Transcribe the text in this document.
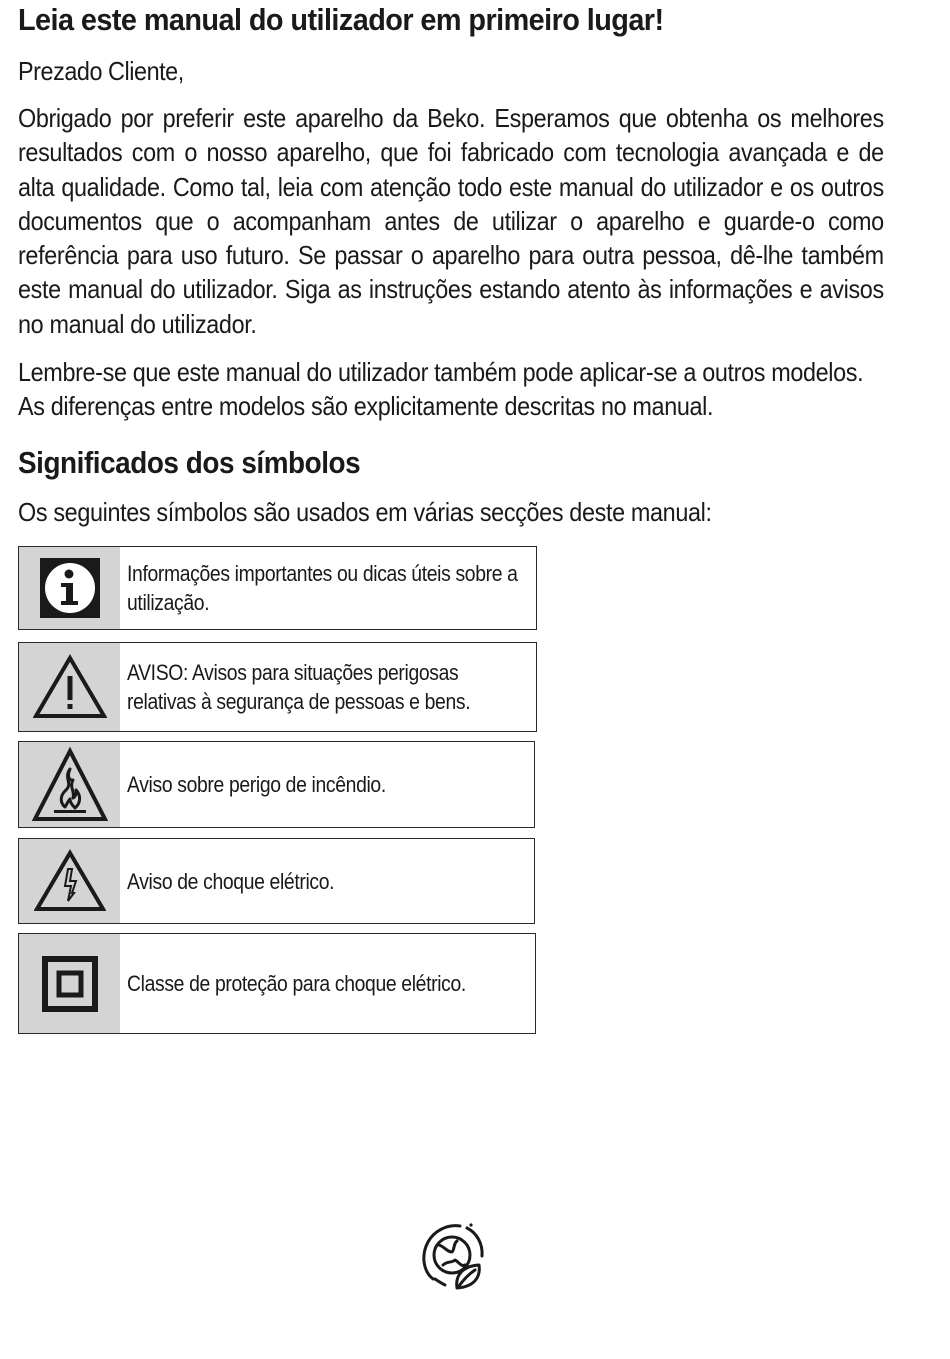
Leia este manual do utilizador em primeiro lugar!

Prezado Cliente,

Obrigado por preferir este aparelho da Beko. Esperamos que obtenha os melhores resultados com o nosso aparelho, que foi fabricado com tecnologia avançada e de alta qualidade. Como tal, leia com atenção todo este manual do utilizador e os outros documentos que o acompanham antes de utilizar o aparelho e guarde-o como referência para uso futuro. Se passar o aparelho para outra pessoa, dê-lhe também este manual do utilizador. Siga as instruções estando atento às informações e avisos no manual do utilizador.

Lembre-se que este manual do utilizador também pode aplicar-se a outros modelos. As diferenças entre modelos são explicitamente descritas no manual.

Significados dos símbolos

Os seguintes símbolos são usados em várias secções deste manual:

Informações importantes ou dicas úteis sobre a utilização.
AVISO: Avisos para situações perigosas relativas à segurança de pessoas e bens.
Aviso sobre perigo de incêndio.
Aviso de choque elétrico.
Classe de proteção para choque elétrico.
